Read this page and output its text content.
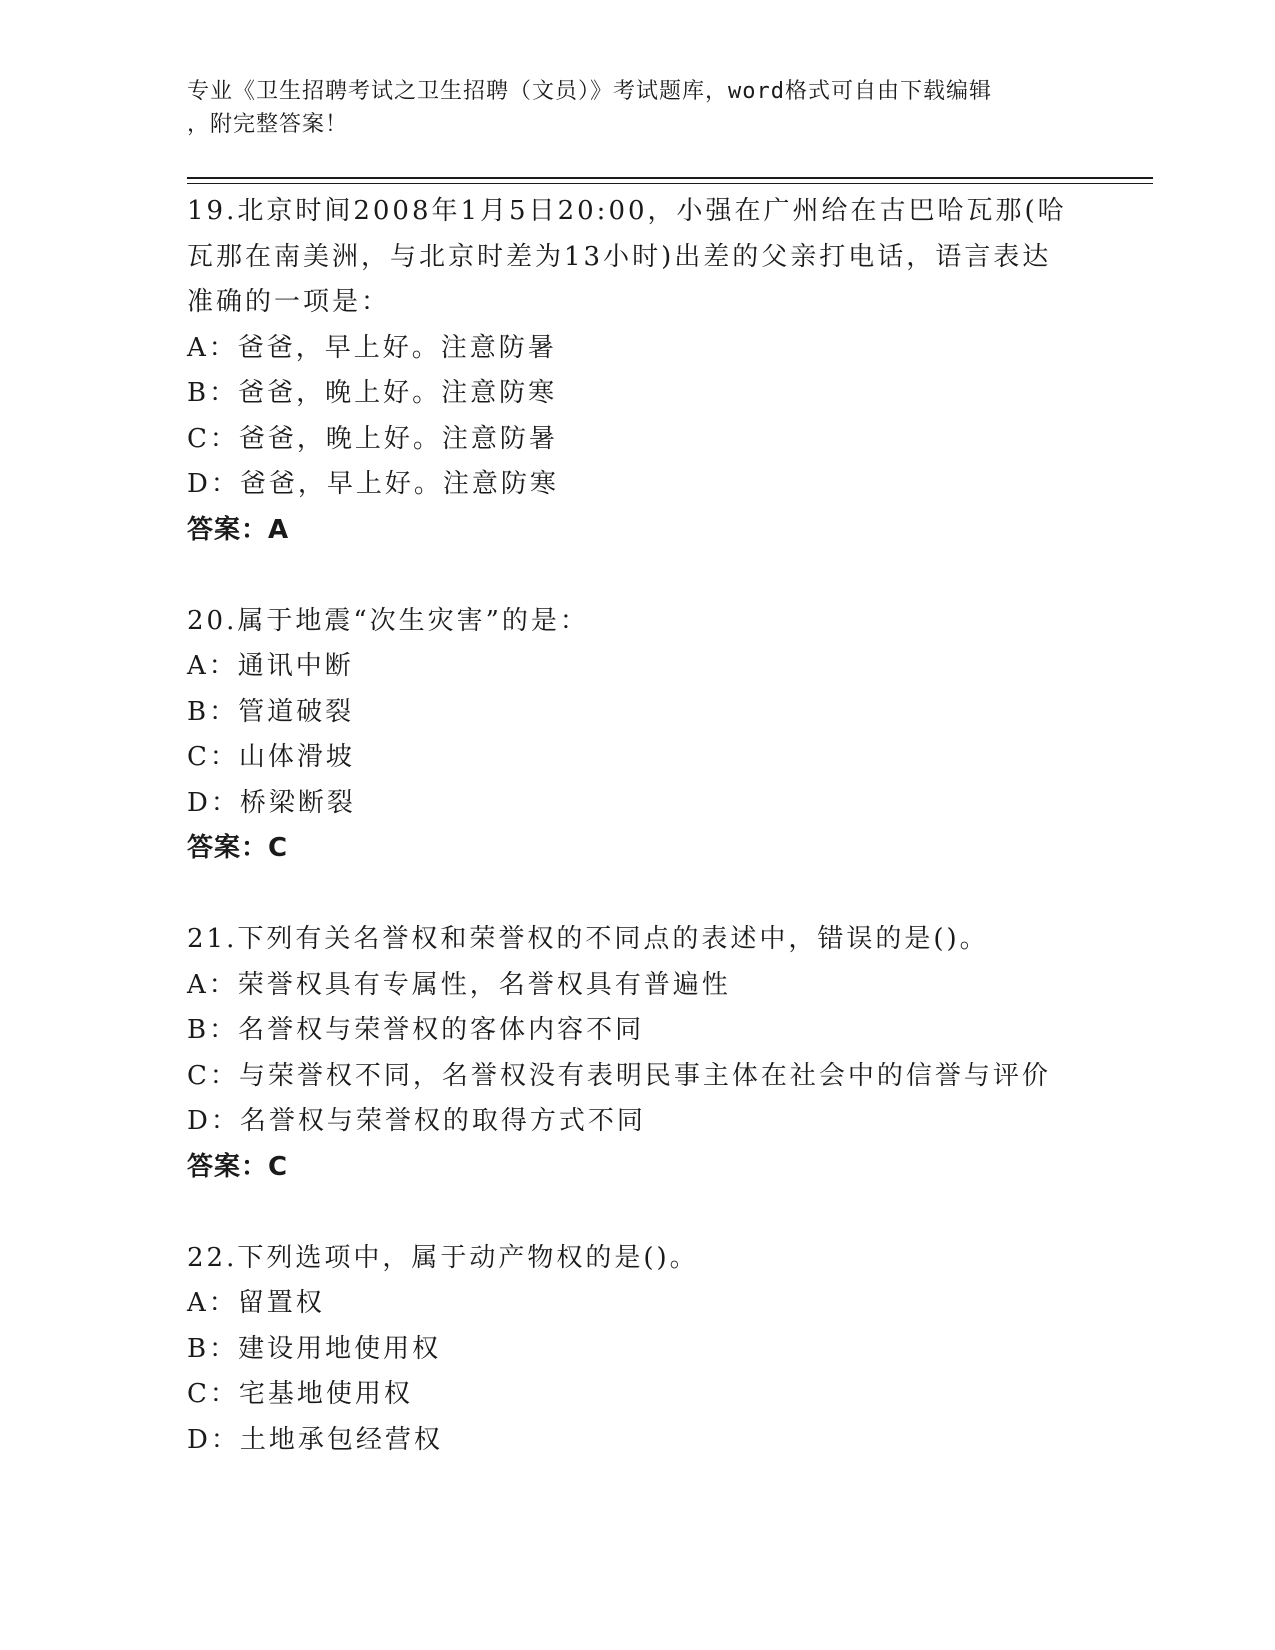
专业《卫生招聘考试之卫生招聘（文员）》考试题库，word格式可自由下载编辑
，附完整答案！
19.北京时间2008年1月5日20:00，小强在广州给在古巴哈瓦那(哈
瓦那在南美洲，与北京时差为13小时)出差的父亲打电话，语言表达
准确的一项是：
A：爸爸，早上好。注意防暑
B：爸爸，晚上好。注意防寒
C：爸爸，晚上好。注意防暑
D：爸爸，早上好。注意防寒
答案：A
20.属于地震“次生灾害”的是：
A：通讯中断
B：管道破裂
C：山体滑坡
D：桥梁断裂
答案：C
21.下列有关名誉权和荣誉权的不同点的表述中，错误的是()。
A：荣誉权具有专属性，名誉权具有普遍性
B：名誉权与荣誉权的客体内容不同
C：与荣誉权不同，名誉权没有表明民事主体在社会中的信誉与评价
D：名誉权与荣誉权的取得方式不同
答案：C
22.下列选项中，属于动产物权的是()。
A：留置权
B：建设用地使用权
C：宅基地使用权
D：土地承包经营权
